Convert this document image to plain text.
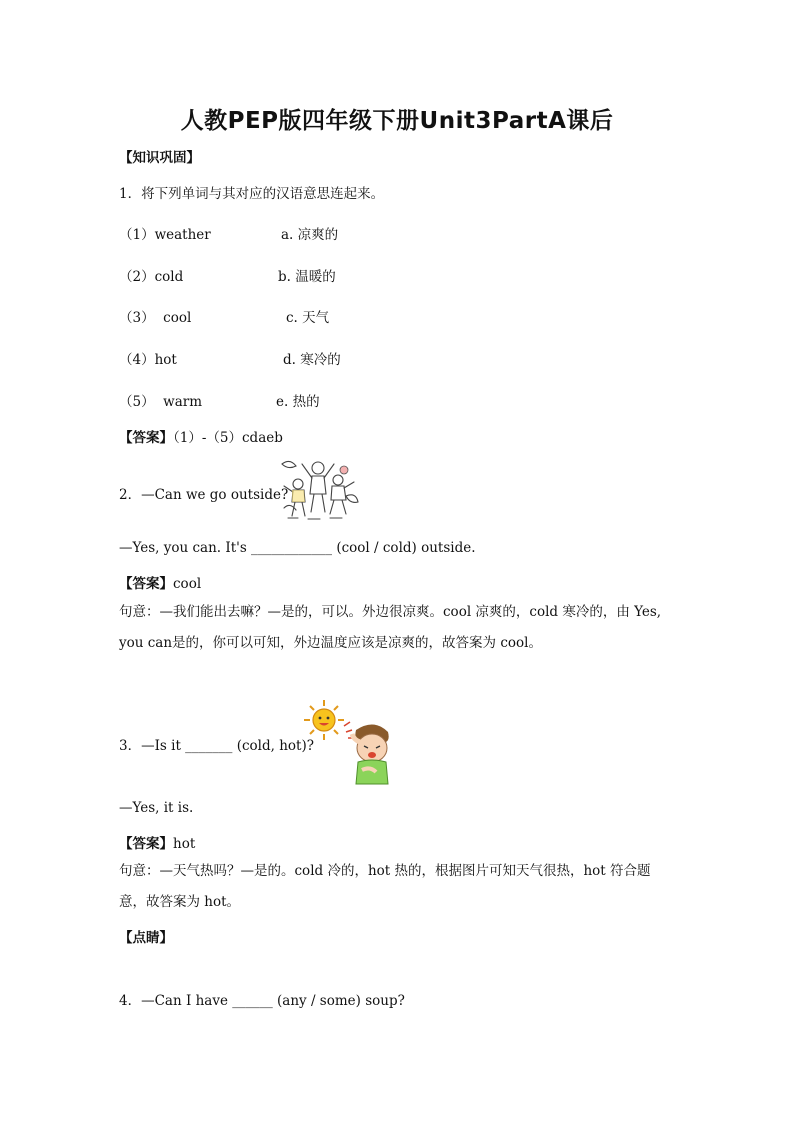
人教PEP版四年级下册Unit3PartA课后
【知识巩固】
1．将下列单词与其对应的汉语意思连起来。
（1）weather	a. 凉爽的
（2）cold	b. 温暖的
（3）  cool	c. 天气
（4）hot	d. 寒冷的
（5）  warm	e. 热的
【答案】（1）-（5）cdaeb
2．—Can we go outside?
—Yes, you can. It's ____________ (cool / cold) outside.
【答案】cool
句意：—我们能出去嘛？—是的，可以。外边很凉爽。cool 凉爽的，cold 寒冷的，由 Yes, you can是的，你可以可知，外边温度应该是凉爽的，故答案为 cool。
3．—Is it _______ (cold, hot)?
—Yes, it is.
【答案】hot
句意：—天气热吗？—是的。cold 冷的，hot 热的，根据图片可知天气很热，hot 符合题意，故答案为 hot。
【点睛】
4．—Can I have ______ (any / some) soup?
